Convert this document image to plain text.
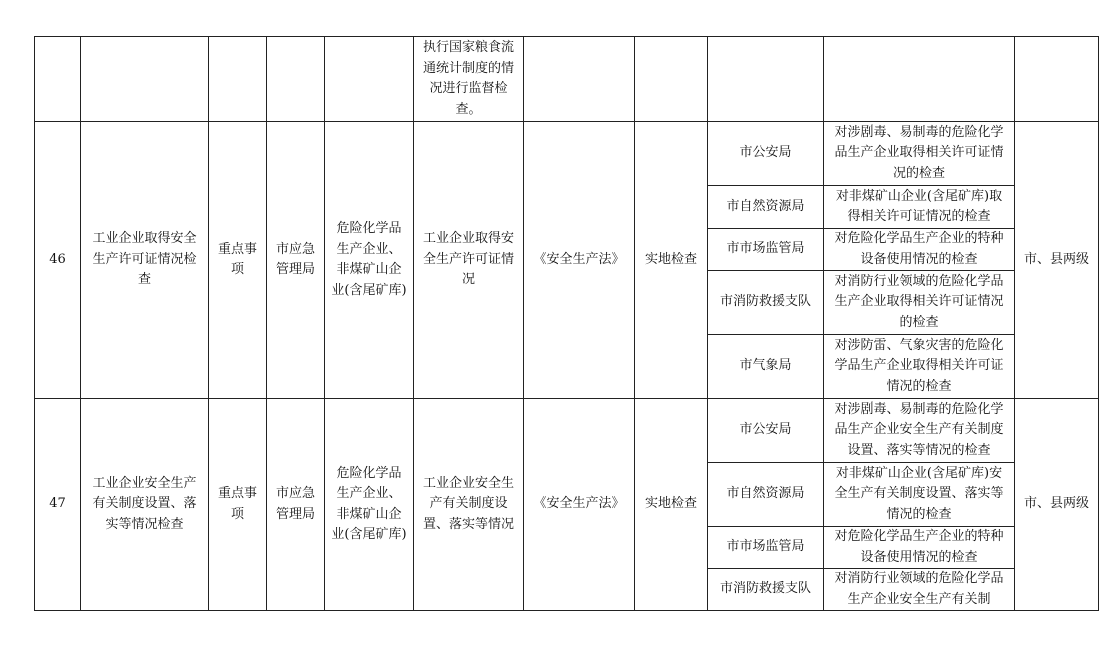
					执行国家粮食流通统计制度的情况进行监督检查。					
46	工业企业取得安全生产许可证情况检查	重点事项	市应急管理局	危险化学品生产企业、非煤矿山企业(含尾矿库)	工业企业取得安全生产许可证情况	《安全生产法》	实地检查	市公安局	对涉剧毒、易制毒的危险化学品生产企业取得相关许可证情况的检查	市、县两级
								市自然资源局	对非煤矿山企业(含尾矿库)取得相关许可证情况的检查	
								市市场监管局	对危险化学品生产企业的特种设备使用情况的检查	
								市消防救援支队	对消防行业领域的危险化学品生产企业取得相关许可证情况的检查	
								市气象局	对涉防雷、气象灾害的危险化学品生产企业取得相关许可证情况的检查	
47	工业企业安全生产有关制度设置、落实等情况检查	重点事项	市应急管理局	危险化学品生产企业、非煤矿山企业(含尾矿库)	工业企业安全生产有关制度设置、落实等情况	《安全生产法》	实地检查	市公安局	对涉剧毒、易制毒的危险化学品生产企业安全生产有关制度设置、落实等情况的检查	市、县两级
								市自然资源局	对非煤矿山企业(含尾矿库)安全生产有关制度设置、落实等情况的检查	
								市市场监管局	对危险化学品生产企业的特种设备使用情况的检查	
								市消防救援支队	对消防行业领域的危险化学品生产企业安全生产有关制	
